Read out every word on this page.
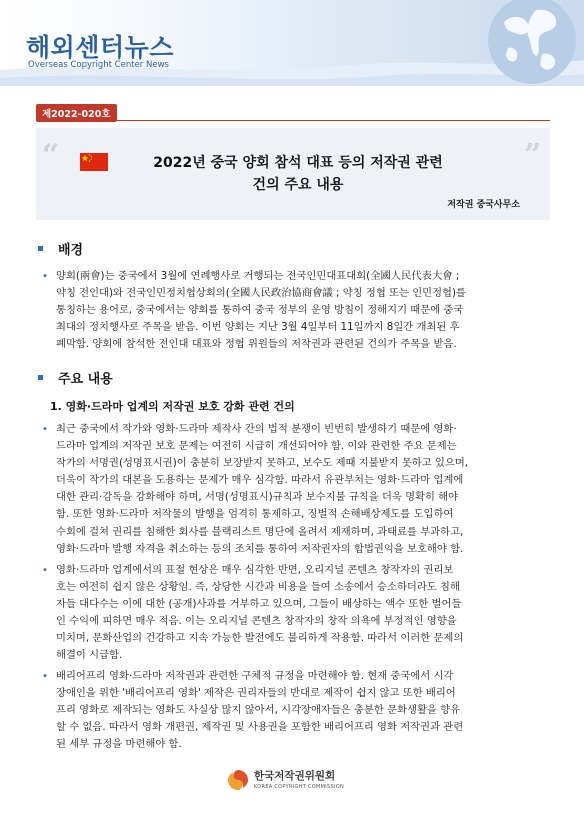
해외센터뉴스
Overseas Copyright Center News
제2022-020호
“	”
2022년 중국 양회 참석 대표 등의 저작권 관련
건의 주요 내용
저작권 중국사무소
배경
• 양회(兩會)는 중국에서 3월에 연례행사로 거행되는 전국인민대표대회(全國人民代表大會 ;
약칭 전인대)와 전국인민정치협상회의(全國人民政治協商會議 ; 약칭 정협 또는 인민정협)를
통칭하는 용어로, 중국에서는 양회를 통하여 중국 정부의 운영 방침이 정해지기 때문에 중국
최대의 정치행사로 주목을 받음. 이번 양회는 지난 3월 4일부터 11일까지 8일간 개최된 후
폐막함. 양회에 참석한 전인대 대표와 정협 위원들의 저작권과 관련된 건의가 주목을 받음.
주요 내용
1. 영화·드라마 업계의 저작권 보호 강화 관련 건의
• 최근 중국에서 작가와 영화·드라마 제작사 간의 법적 분쟁이 빈번히 발생하기 때문에 영화·
드라마 업계의 저작권 보호 문제는 여전히 시급히 개선되어야 함. 이와 관련한 주요 문제는
작가의 서명권(성명표시권)이 충분히 보장받지 못하고, 보수도 제때 지불받지 못하고 있으며,
더욱이 작가의 대본을 도용하는 문제가 매우 심각함. 따라서 유관부처는 영화·드라마 업계에
대한 관리·감독을 강화해야 하며, 서명(성명표시)규칙과 보수지불 규칙을 더욱 명확히 해야
함. 또한 영화·드라마 저작물의 발행을 엄격히 통제하고, 징벌적 손해배상제도를 도입하여
수회에 걸쳐 권리를 침해한 회사를 블랙리스트 명단에 올려서 제재하며, 과태료를 부과하고,
영화·드라마 발행 자격을 취소하는 등의 조치를 통하여 저작권자의 합법권익을 보호해야 함.
• 영화·드라마 업계에서의 표절 현상은 매우 심각한 반면, 오리지널 콘텐츠 창작자의 권리보
호는 여전히 쉽지 않은 상황임. 즉, 상당한 시간과 비용을 들여 소송에서 승소하더라도 침해
자들 대다수는 이에 대한 (공개)사과를 거부하고 있으며, 그들이 배상하는 액수 또한 벌어들
인 수익에 피하면 매우 적음. 이는 오리지널 콘텐츠 창작자의 창작 의욕에 부정적인 영향을
미치며, 문화산업의 건강하고 지속 가능한 발전에도 불리하게 작용함. 따라서 이러한 문제의
해결이 시급함.
• 배리어프리 영화·드라마 저작권과 관련한 구체적 규정을 마련해야 함. 현재 중국에서 시각
장애인을 위한 '배리어프리 영화' 제작은 권리자들의 반대로 제작이 쉽지 않고 또한 배리어
프리 영화로 제작되는 영화도 사실상 많지 않아서, 시각장애자들은 충분한 문화생활을 향유
할 수 없음. 따라서 영화 개편권, 제작권 및 사용권을 포함한 배리어프리 영화 저작권과 관련
된 세부 규정을 마련해야 함.
한국저작권위원회
KOREA COPYRIGHT COMMISSION
